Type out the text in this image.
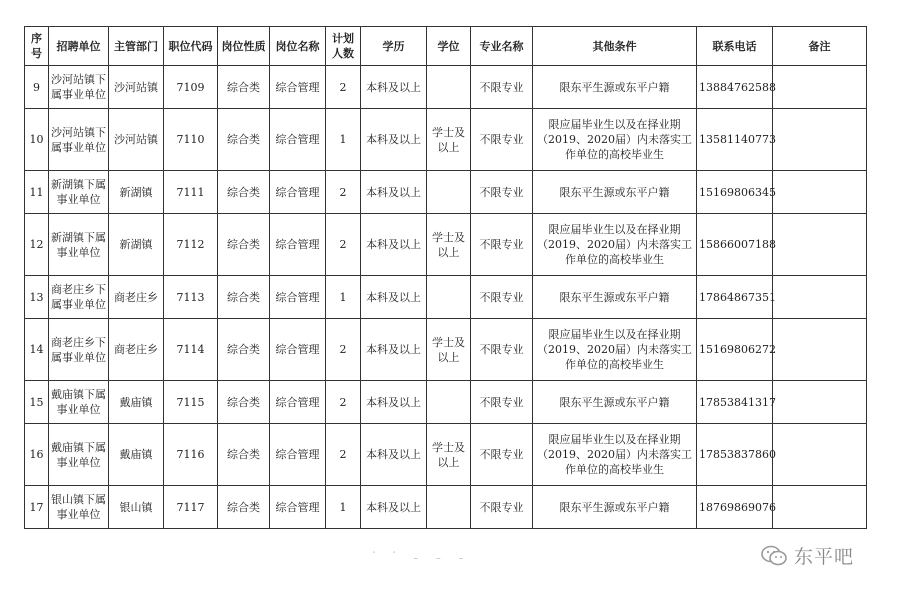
序号	招聘单位	主管部门	职位代码	岗位性质	岗位名称	计划人数	学历	学位	专业名称	其他条件	联系电话	备注
9	沙河站镇下属事业单位	沙河站镇	7109	综合类	综合管理	2	本科及以上		不限专业	限东平生源或东平户籍	13884762588	
10	沙河站镇下属事业单位	沙河站镇	7110	综合类	综合管理	1	本科及以上	学士及以上	不限专业	限应届毕业生以及在择业期（2019、2020届）内未落实工作单位的高校毕业生	13581140773	
11	新湖镇下属事业单位	新湖镇	7111	综合类	综合管理	2	本科及以上		不限专业	限东平生源或东平户籍	15169806345	
12	新湖镇下属事业单位	新湖镇	7112	综合类	综合管理	2	本科及以上	学士及以上	不限专业	限应届毕业生以及在择业期（2019、2020届）内未落实工作单位的高校毕业生	15866007188	
13	商老庄乡下属事业单位	商老庄乡	7113	综合类	综合管理	1	本科及以上		不限专业	限东平生源或东平户籍	17864867351	
14	商老庄乡下属事业单位	商老庄乡	7114	综合类	综合管理	2	本科及以上	学士及以上	不限专业	限应届毕业生以及在择业期（2019、2020届）内未落实工作单位的高校毕业生	15169806272	
15	戴庙镇下属事业单位	戴庙镇	7115	综合类	综合管理	2	本科及以上		不限专业	限东平生源或东平户籍	17853841317	
16	戴庙镇下属事业单位	戴庙镇	7116	综合类	综合管理	2	本科及以上	学士及以上	不限专业	限应届毕业生以及在择业期（2019、2020届）内未落实工作单位的高校毕业生	17853837860	
17	银山镇下属事业单位	银山镇	7117	综合类	综合管理	1	本科及以上		不限专业	限东平生源或东平户籍	18769869076	
· · ˍ ˍ ˍ	东平吧
